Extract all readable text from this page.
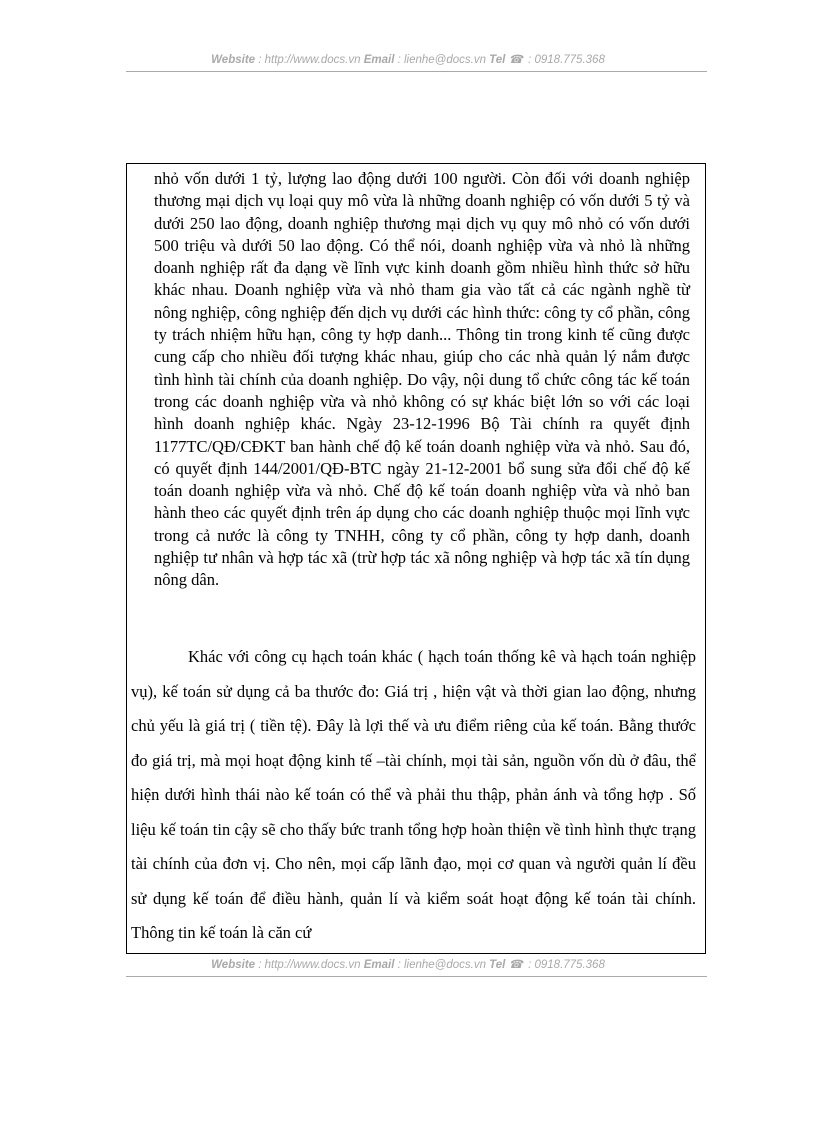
Website : http://www.docs.vn Email : lienhe@docs.vn Tel ☎ : 0918.775.368

nhỏ vốn dưới 1 tỷ, lượng lao động dưới 100 người. Còn đối với doanh nghiệp thương mại dịch vụ loại quy mô vừa là những doanh nghiệp có vốn dưới 5 tỷ và dưới 250 lao động, doanh nghiệp thương mại dịch vụ quy mô nhỏ có vốn dưới 500 triệu và dưới 50 lao động. Có thể nói, doanh nghiệp vừa và nhỏ là những doanh nghiệp rất đa dạng về lĩnh vực kinh doanh gồm nhiều hình thức sở hữu khác nhau. Doanh nghiệp vừa và nhỏ tham gia vào tất cả các ngành nghề từ nông nghiệp, công nghiệp đến dịch vụ dưới các hình thức: công ty cổ phần, công ty trách nhiệm hữu hạn, công ty hợp danh... Thông tin trong kinh tế cũng được cung cấp cho nhiều đối tượng khác nhau, giúp cho các nhà quản lý nắm được tình hình tài chính của doanh nghiệp. Do vậy, nội dung tổ chức công tác kế toán trong các doanh nghiệp vừa và nhỏ không có sự khác biệt lớn so với các loại hình doanh nghiệp khác. Ngày 23-12-1996 Bộ Tài chính ra quyết định 1177TC/QĐ/CĐKT ban hành chế độ kế toán doanh nghiệp vừa và nhỏ. Sau đó, có quyết định 144/2001/QĐ-BTC ngày 21-12-2001 bổ sung sửa đổi chế độ kế toán doanh nghiệp vừa và nhỏ. Chế độ kế toán doanh nghiệp vừa và nhỏ ban hành theo các quyết định trên áp dụng cho các doanh nghiệp thuộc mọi lĩnh vực trong cả nước là công ty TNHH, công ty cổ phần, công ty hợp danh, doanh nghiệp tư nhân và hợp tác xã (trừ hợp tác xã nông nghiệp và hợp tác xã tín dụng nông dân.

Khác với công cụ hạch toán khác ( hạch toán thống kê và hạch toán nghiệp vụ), kế toán sử dụng cả ba thước đo: Giá trị , hiện vật và thời gian lao động, nhưng chủ yếu là giá trị ( tiền tệ). Đây là lợi thế và ưu điểm riêng của kế toán. Bằng thước đo giá trị, mà mọi hoạt động kinh tế –tài chính, mọi tài sản, nguồn vốn dù ở đâu, thể hiện dưới hình thái nào kế toán có thể và phải thu thập, phản ánh và tổng hợp . Số liệu kế toán tin cậy sẽ cho thấy bức tranh tổng hợp hoàn thiện về tình hình thực trạng tài chính của đơn vị. Cho nên, mọi cấp lãnh đạo, mọi cơ quan và người quản lí đều sử dụng kế toán để điều hành, quản lí và kiểm soát hoạt động kế toán tài chính. Thông tin kế toán là căn cứ

Website : http://www.docs.vn Email : lienhe@docs.vn Tel ☎ : 0918.775.368
